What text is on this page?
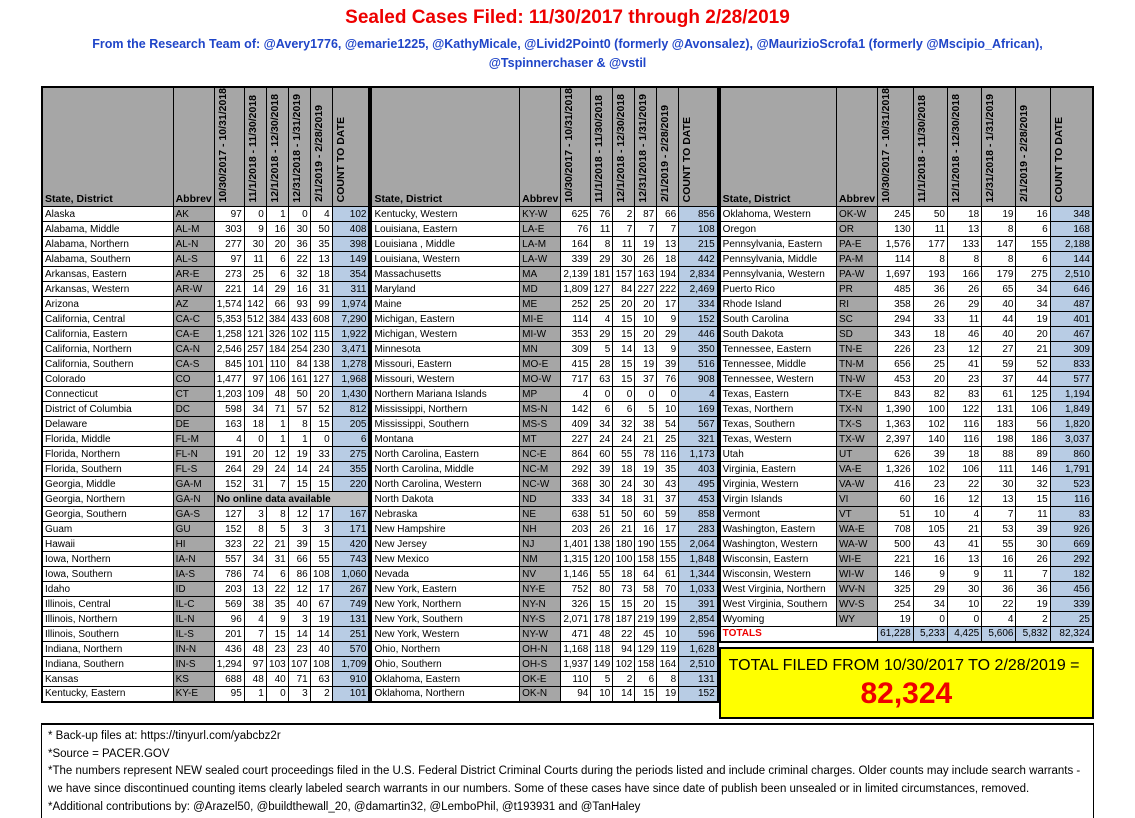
Sealed Cases Filed: 11/30/2017 through 2/28/2019
From the Research Team of: @Avery1776, @emarie1225, @KathyMicale, @Livid2Point0 (formerly @Avonsalez), @MaurizioScrofa1 (formerly @Mscipio_African),
@Tspinnerchaser & @vstil
State, District	Abbrev	10/30/2017 - 10/31/2018	11/1/2018 - 11/30/2018	12/1/2018 - 12/30/2018	12/31/2018 - 1/31/2019	2/1/2019 - 2/28/2019	COUNT TO DATE
Alaska	AK	97	0	1	0	4	102
Alabama, Middle	AL-M	303	9	16	30	50	408
Alabama, Northern	AL-N	277	30	20	36	35	398
Alabama, Southern	AL-S	97	11	6	22	13	149
Arkansas, Eastern	AR-E	273	25	6	32	18	354
Arkansas, Western	AR-W	221	14	29	16	31	311
Arizona	AZ	1,574	142	66	93	99	1,974
California, Central	CA-C	5,353	512	384	433	608	7,290
California, Eastern	CA-E	1,258	121	326	102	115	1,922
California, Northern	CA-N	2,546	257	184	254	230	3,471
California, Southern	CA-S	845	101	110	84	138	1,278
Colorado	CO	1,477	97	106	161	127	1,968
Connecticut	CT	1,203	109	48	50	20	1,430
District of Columbia	DC	598	34	71	57	52	812
Delaware	DE	163	18	1	8	15	205
Florida, Middle	FL-M	4	0	1	1	0	6
Florida, Northern	FL-N	191	20	12	19	33	275
Florida, Southern	FL-S	264	29	24	14	24	355
Georgia, Middle	GA-M	152	31	7	15	15	220
Georgia, Northern	GA-N	No online data available					
Georgia, Southern	GA-S	127	3	8	12	17	167
Guam	GU	152	8	5	3	3	171
Hawaii	HI	323	22	21	39	15	420
Iowa, Northern	IA-N	557	34	31	66	55	743
Iowa, Southern	IA-S	786	74	6	86	108	1,060
Idaho	ID	203	13	22	12	17	267
Illinois, Central	IL-C	569	38	35	40	67	749
Illinois, Northern	IL-N	96	4	9	3	19	131
Illinois, Southern	IL-S	201	7	15	14	14	251
Indiana, Northern	IN-N	436	48	23	23	40	570
Indiana, Southern	IN-S	1,294	97	103	107	108	1,709
Kansas	KS	688	48	40	71	63	910
Kentucky, Eastern	KY-E	95	1	0	3	2	101
State, District	Abbrev	10/30/2017 - 10/31/2018	11/1/2018 - 11/30/2018	12/1/2018 - 12/30/2018	12/31/2018 - 1/31/2019	2/1/2019 - 2/28/2019	COUNT TO DATE
Kentucky, Western	KY-W	625	76	2	87	66	856
Louisiana, Eastern	LA-E	76	11	7	7	7	108
Louisiana , Middle	LA-M	164	8	11	19	13	215
Louisiana, Western	LA-W	339	29	30	26	18	442
Massachusetts	MA	2,139	181	157	163	194	2,834
Maryland	MD	1,809	127	84	227	222	2,469
Maine	ME	252	25	20	20	17	334
Michigan, Eastern	MI-E	114	4	15	10	9	152
Michigan, Western	MI-W	353	29	15	20	29	446
Minnesota	MN	309	5	14	13	9	350
Missouri, Eastern	MO-E	415	28	15	19	39	516
Missouri, Western	MO-W	717	63	15	37	76	908
Northern Mariana Islands	MP	4	0	0	0	0	4
Mississippi, Northern	MS-N	142	6	6	5	10	169
Mississippi, Southern	MS-S	409	34	32	38	54	567
Montana	MT	227	24	24	21	25	321
North Carolina, Eastern	NC-E	864	60	55	78	116	1,173
North Carolina, Middle	NC-M	292	39	18	19	35	403
North Carolina, Western	NC-W	368	30	24	30	43	495
North Dakota	ND	333	34	18	31	37	453
Nebraska	NE	638	51	50	60	59	858
New Hampshire	NH	203	26	21	16	17	283
New Jersey	NJ	1,401	138	180	190	155	2,064
New Mexico	NM	1,315	120	100	158	155	1,848
Nevada	NV	1,146	55	18	64	61	1,344
New York, Eastern	NY-E	752	80	73	58	70	1,033
New York, Northern	NY-N	326	15	15	20	15	391
New York, Southern	NY-S	2,071	178	187	219	199	2,854
New York, Western	NY-W	471	48	22	45	10	596
Ohio, Northern	OH-N	1,168	118	94	129	119	1,628
Ohio, Southern	OH-S	1,937	149	102	158	164	2,510
Oklahoma, Eastern	OK-E	110	5	2	6	8	131
Oklahoma, Northern	OK-N	94	10	14	15	19	152
State, District	Abbrev	10/30/2017 - 10/31/2018	11/1/2018 - 11/30/2018	12/1/2018 - 12/30/2018	12/31/2018 - 1/31/2019	2/1/2019 - 2/28/2019	COUNT TO DATE
Oklahoma, Western	OK-W	245	50	18	19	16	348
Oregon	OR	130	11	13	8	6	168
Pennsylvania, Eastern	PA-E	1,576	177	133	147	155	2,188
Pennsylvania, Middle	PA-M	114	8	8	8	6	144
Pennsylvania, Western	PA-W	1,697	193	166	179	275	2,510
Puerto Rico	PR	485	36	26	65	34	646
Rhode Island	RI	358	26	29	40	34	487
South Carolina	SC	294	33	11	44	19	401
South Dakota	SD	343	18	46	40	20	467
Tennessee, Eastern	TN-E	226	23	12	27	21	309
Tennessee, Middle	TN-M	656	25	41	59	52	833
Tennessee, Western	TN-W	453	20	23	37	44	577
Texas, Eastern	TX-E	843	82	83	61	125	1,194
Texas, Northern	TX-N	1,390	100	122	131	106	1,849
Texas, Southern	TX-S	1,363	102	116	183	56	1,820
Texas, Western	TX-W	2,397	140	116	198	186	3,037
Utah	UT	626	39	18	88	89	860
Virginia, Eastern	VA-E	1,326	102	106	111	146	1,791
Virginia, Western	VA-W	416	23	22	30	32	523
Virgin Islands	VI	60	16	12	13	15	116
Vermont	VT	51	10	4	7	11	83
Washington, Eastern	WA-E	708	105	21	53	39	926
Washington, Western	WA-W	500	43	41	55	30	669
Wisconsin, Eastern	WI-E	221	16	13	16	26	292
Wisconsin, Western	WI-W	146	9	9	11	7	182
West Virginia, Northern	WV-N	325	29	30	36	36	456
West Virginia, Southern	WV-S	254	34	10	22	19	339
Wyoming	WY	19	0	0	4	2	25
TOTALS		61,228	5,233	4,425	5,606	5,832	82,324
TOTAL FILED FROM 10/30/2017 TO 2/28/2019 =
82,324
* Back-up files at: https://tinyurl.com/yabcbz2r
*Source = PACER.GOV
*The numbers represent NEW sealed court proceedings filed in the U.S. Federal District Criminal Courts during the periods listed and include criminal charges. Older counts may include search warrants - we have since discontinued counting items clearly labeled search warrants in our numbers. Some of these cases have since date of publish been unsealed or in limited circumstances, removed.
*Additional contributions by: @Arazel50, @buildthewall_20, @damartin32, @LemboPhil, @t193931 and @TanHaley
